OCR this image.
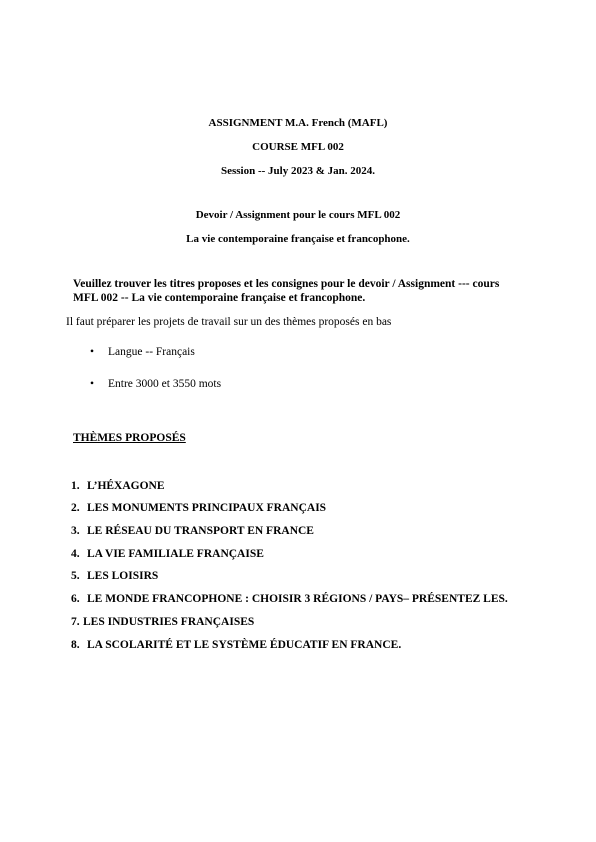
ASSIGNMENT M.A. French (MAFL)
COURSE MFL 002
Session -- July 2023 & Jan. 2024.
Devoir / Assignment pour le cours MFL 002
La vie contemporaine française et francophone.
Veuillez trouver les titres proposes et les consignes pour le devoir / Assignment --- cours
MFL 002 -- La vie contemporaine française et francophone.
Il faut préparer les projets de travail sur un des thèmes proposés en bas
• Langue -- Français
• Entre 3000 et 3550 mots
THÈMES PROPOSÉS
1. L’HÉXAGONE
2. LES MONUMENTS PRINCIPAUX FRANÇAIS
3. LE RÉSEAU DU TRANSPORT EN FRANCE
4. LA VIE FAMILIALE FRANÇAISE
5. LES LOISIRS
6. LE MONDE FRANCOPHONE : CHOISIR 3 RÉGIONS / PAYS– PRÉSENTEZ LES.
7. LES INDUSTRIES FRANÇAISES
8. LA SCOLARITÉ ET LE SYSTÈME ÉDUCATIF EN FRANCE.
